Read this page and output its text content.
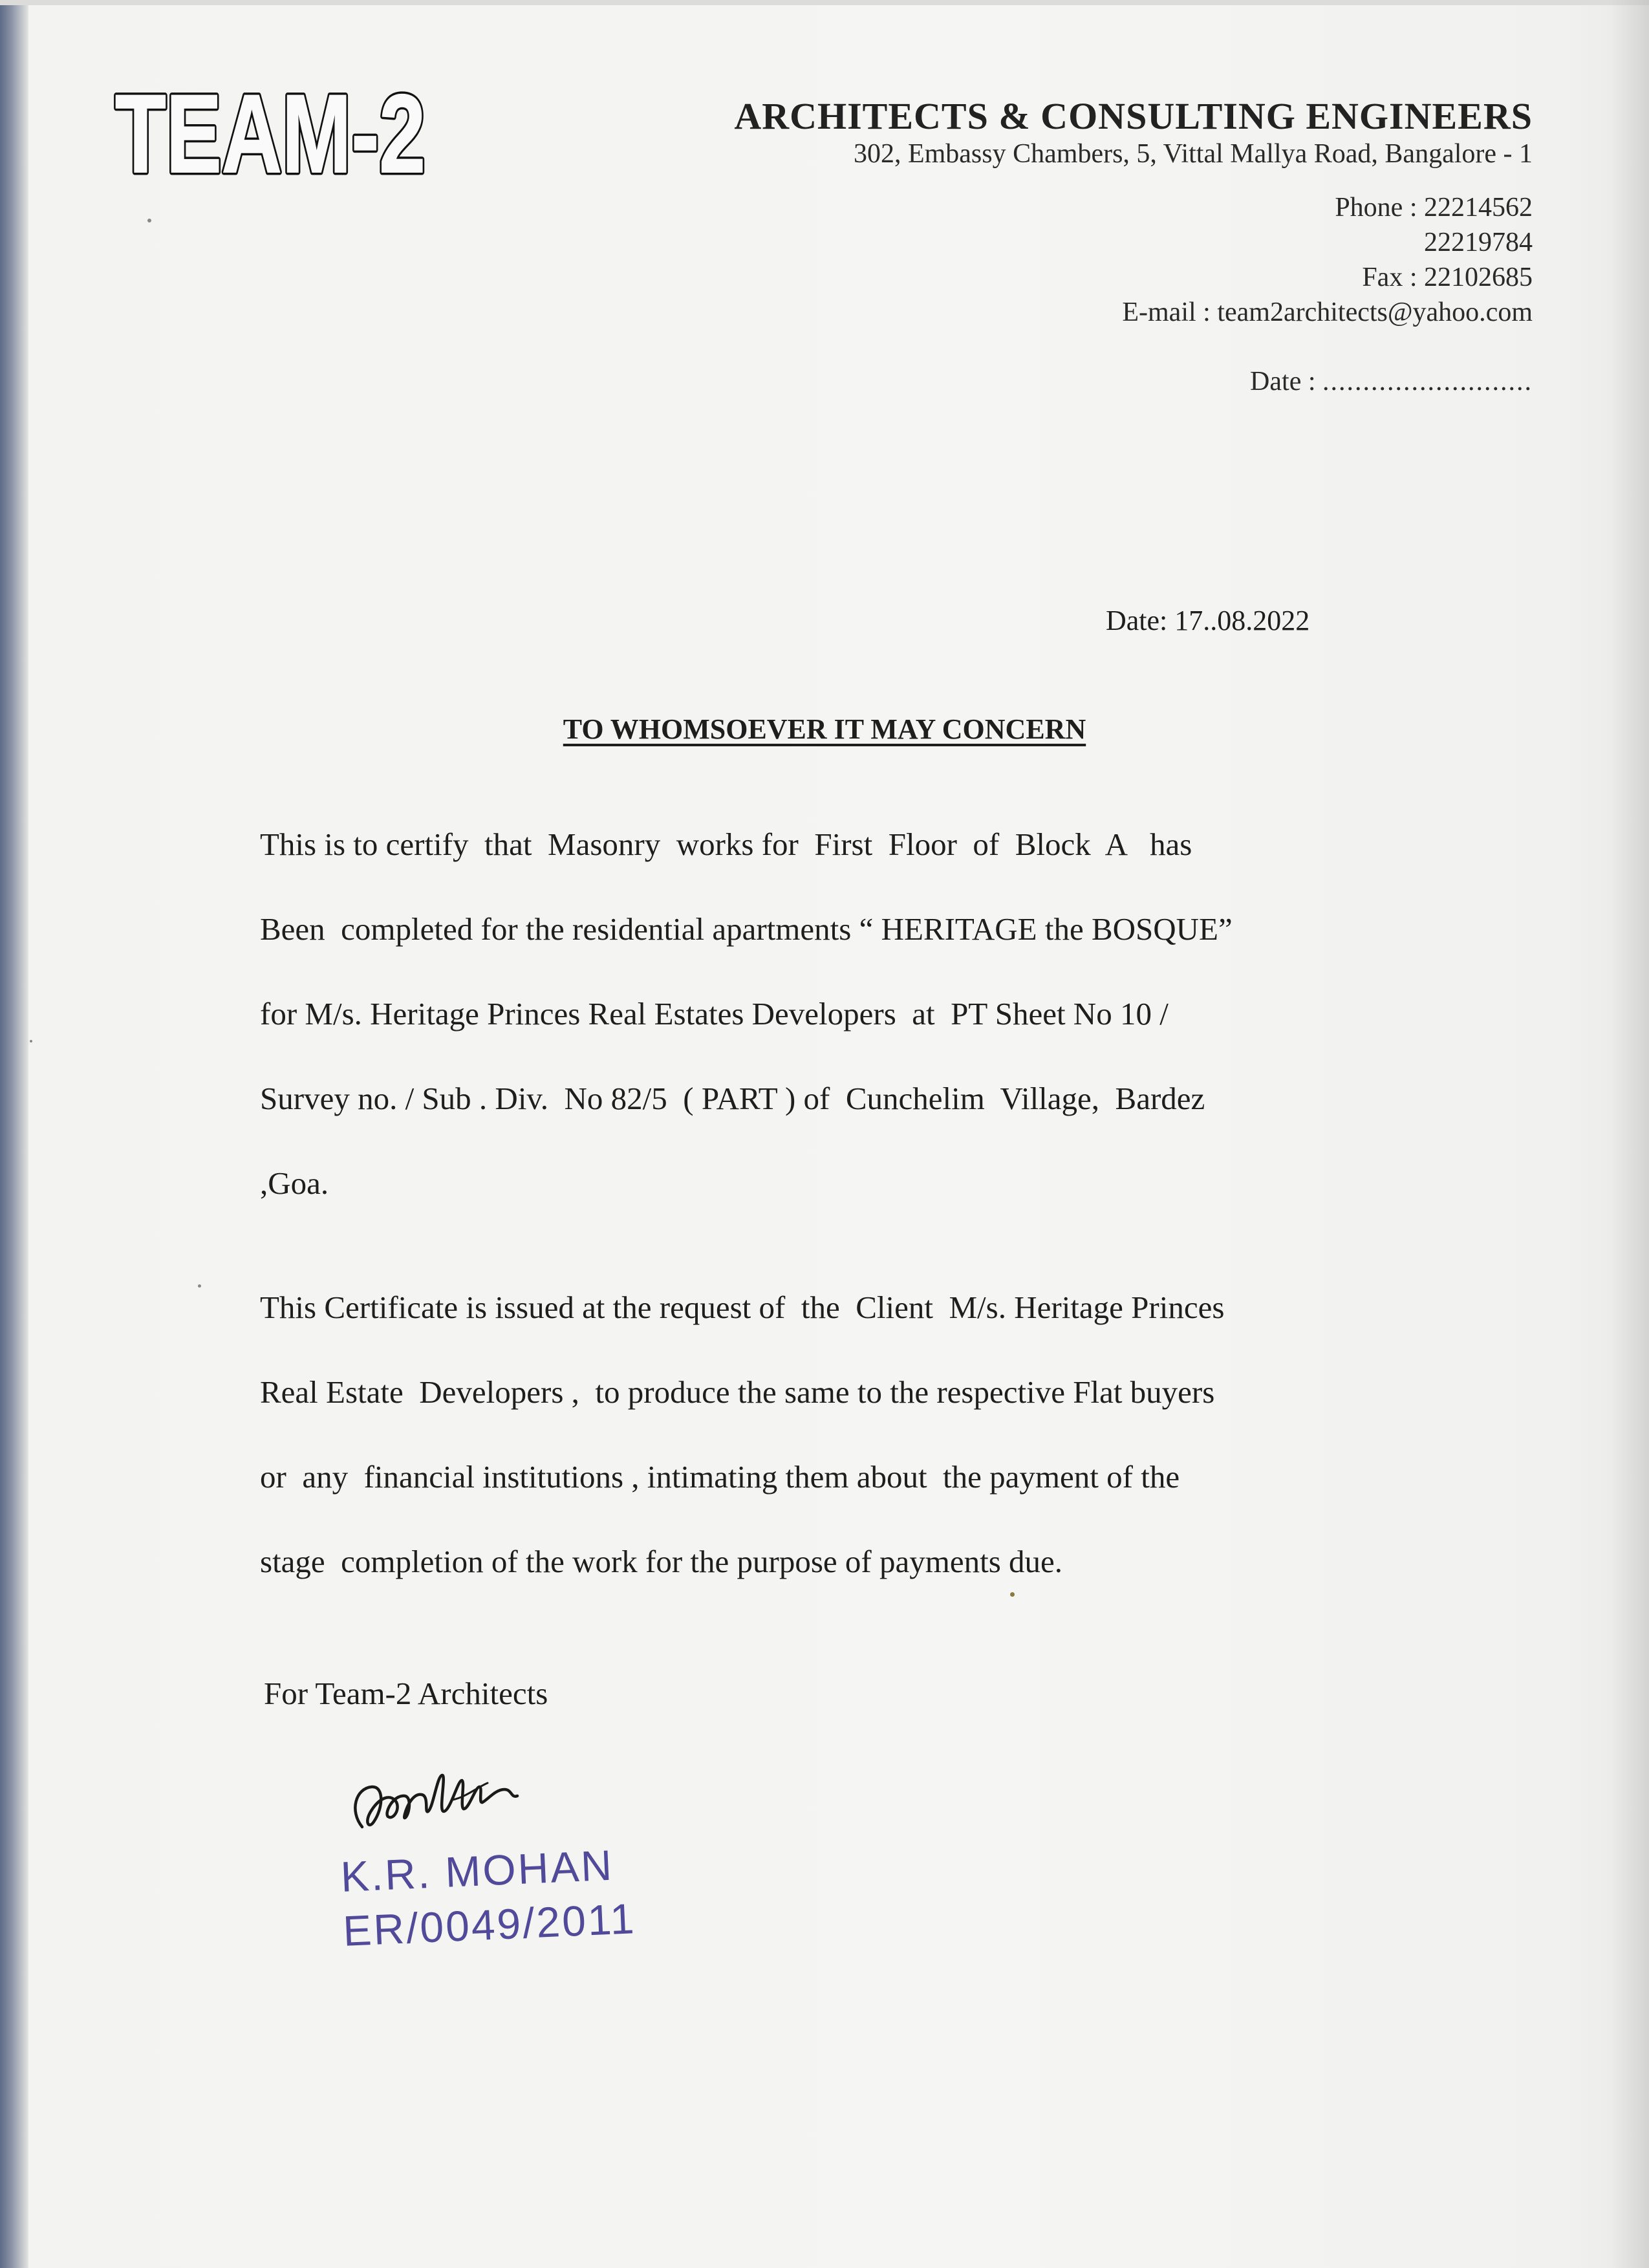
TEAM-2
TEAM-2	ARCHITECTS & CONSULTING ENGINEERS
302, Embassy Chambers, 5, Vittal Mallya Road, Bangalore - 1
Phone : 22214562
22219784
Fax : 22102685
E-mail : team2architects@yahoo.com
Date : ..........................
Date: 17..08.2022
TO WHOMSOEVER IT MAY CONCERN
This is to certify  that  Masonry  works for  First  Floor  of  Block  A   has
Been  completed for the residential apartments “ HERITAGE the BOSQUE”
for M/s. Heritage Princes Real Estates Developers  at  PT Sheet No 10 /
Survey no. / Sub . Div.  No 82/5  ( PART ) of  Cunchelim  Village,  Bardez
,Goa.
This Certificate is issued at the request of  the  Client  M/s. Heritage Princes
Real Estate  Developers ,  to produce the same to the respective Flat buyers
or  any  financial institutions , intimating them about  the payment of the
stage  completion of the work for the purpose of payments due.
For Team-2 Architects
K.R. MOHAN
ER/0049/2011
